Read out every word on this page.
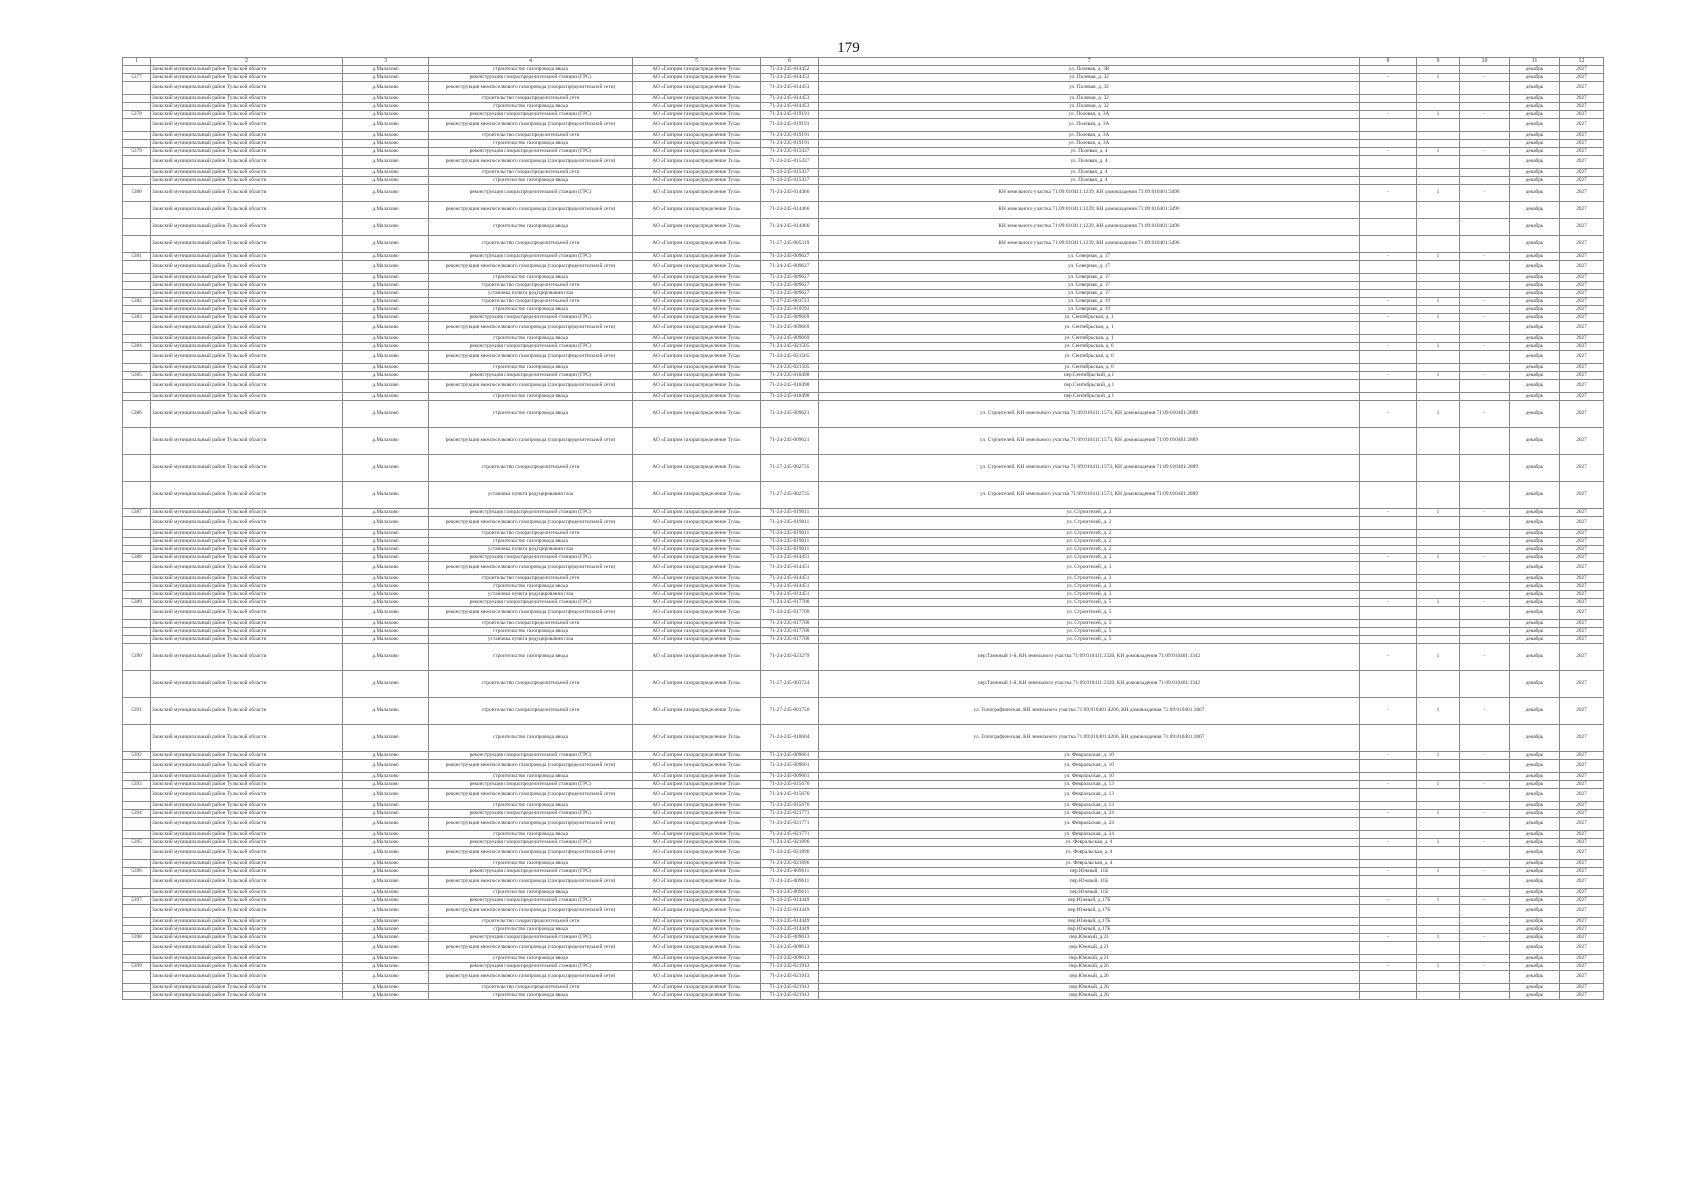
179
1	2	3	4	5	6	7	8	9	10	11	12
	Заокский муниципальный район Тульской области	д.Малахово	строительство газопровода ввода	АО «Газпром газораспределение Тула»	71-24-245-014452	ул. Полевая, д. 3В				декабрь	2027
5377	Заокский муниципальный район Тульской области	д.Малахово	реконструкция газораспределительной станции (ГРС)	АО «Газпром газораспределение Тула»	71-24-245-014453	ул. Полевая, д. 32	-	1	-	декабрь	2027
	Заокский муниципальный район Тульской области	д.Малахово	реконструкция межпоселкового газопровода (газораспределительной сети)	АО «Газпром газораспределение Тула»	71-24-245-014453	ул. Полевая, д. 32				декабрь	2027
	Заокский муниципальный район Тульской области	д.Малахово	строительство газораспределительной сети	АО «Газпром газораспределение Тула»	71-24-245-014453	ул. Полевая, д. 32				декабрь	2027
	Заокский муниципальный район Тульской области	д.Малахово	строительство газопровода ввода	АО «Газпром газораспределение Тула»	71-24-245-014453	ул. Полевая, д. 32				декабрь	2027
5378	Заокский муниципальный район Тульской области	д.Малахово	реконструкция газораспределительной станции (ГРС)	АО «Газпром газораспределение Тула»	71-24-245-019191	ул. Полевая, д. 3А	-	1	-	декабрь	2027
	Заокский муниципальный район Тульской области	д.Малахово	реконструкция межпоселкового газопровода (газораспределительной сети)	АО «Газпром газораспределение Тула»	71-24-245-019191	ул. Полевая, д. 3А				декабрь	2027
	Заокский муниципальный район Тульской области	д.Малахово	строительство газораспределительной сети	АО «Газпром газораспределение Тула»	71-24-245-019191	ул. Полевая, д. 3А				декабрь	2027
	Заокский муниципальный район Тульской области	д.Малахово	строительство газопровода ввода	АО «Газпром газораспределение Тула»	71-24-245-019191	ул. Полевая, д. 3А				декабрь	2027
5379	Заокский муниципальный район Тульской области	д.Малахово	реконструкция газораспределительной станции (ГРС)	АО «Газпром газораспределение Тула»	71-24-245-015437	ул. Полевая, д. 4	-	1	-	декабрь	2027
	Заокский муниципальный район Тульской области	д.Малахово	реконструкция межпоселкового газопровода (газораспределительной сети)	АО «Газпром газораспределение Тула»	71-24-245-015437	ул. Полевая, д. 4				декабрь	2027
	Заокский муниципальный район Тульской области	д.Малахово	строительство газораспределительной сети	АО «Газпром газораспределение Тула»	71-24-245-015437	ул. Полевая, д. 4				декабрь	2027
	Заокский муниципальный район Тульской области	д.Малахово	строительство газопровода ввода	АО «Газпром газораспределение Тула»	71-24-245-015437	ул. Полевая, д. 4				декабрь	2027
5380	Заокский муниципальный район Тульской области	д.Малахово	реконструкция газораспределительной станции (ГРС)	АО «Газпром газораспределение Тула»	71-24-245-014466	КН земельного участка 71:09:010411:1239, КН домовладения 71:09:010401:3496	-	1	-	декабрь	2027
	Заокский муниципальный район Тульской области	д.Малахово	реконструкция межпоселкового газопровода (газораспределительной сети)	АО «Газпром газораспределение Тула»	71-24-245-014466	КН земельного участка 71:09:010411:1239, КН домовладения 71:09:010401:3496				декабрь	2027
	Заокский муниципальный район Тульской области	д.Малахово	строительство газопровода ввода	АО «Газпром газораспределение Тула»	71-24-245-014466	КН земельного участка 71:09:010411:1239, КН домовладения 71:09:010401:3496				декабрь	2027
	Заокский муниципальный район Тульской области	д.Малахово	строительство газораспределительной сети	АО «Газпром газораспределение Тула»	71-27-245-005319	КН земельного участка 71:09:010411:1239, КН домовладения 71:09:010401:3496				декабрь	2027
5381	Заокский муниципальный район Тульской области	д.Малахово	реконструкция газораспределительной станции (ГРС)	АО «Газпром газораспределение Тула»	71-24-245-009627	ул. Северная, д. 17	-	1	-	декабрь	2027
	Заокский муниципальный район Тульской области	д.Малахово	реконструкция межпоселкового газопровода (газораспределительной сети)	АО «Газпром газораспределение Тула»	71-24-245-009627	ул. Северная, д. 17				декабрь	2027
	Заокский муниципальный район Тульской области	д.Малахово	строительство газопровода ввода	АО «Газпром газораспределение Тула»	71-24-245-009627	ул. Северная, д. 17				декабрь	2027
	Заокский муниципальный район Тульской области	д.Малахово	строительство газораспределительной сети	АО «Газпром газораспределение Тула»	71-24-245-009627	ул. Северная, д. 17				декабрь	2027
	Заокский муниципальный район Тульской области	д.Малахово	установка пункта редуцирования газа	АО «Газпром газораспределение Тула»	71-24-245-009627	ул. Северная, д. 17				декабрь	2027
5382	Заокский муниципальный район Тульской области	д.Малахово	строительство газораспределительной сети	АО «Газпром газораспределение Тула»	71-27-245-001723	ул. Северная, д. 19	-	1	-	декабрь	2027
	Заокский муниципальный район Тульской области	д.Малахово	строительство газопровода ввода	АО «Газпром газораспределение Тула»	71-24-245-010593	ул. Северная, д. 19				декабрь	2027
5383	Заокский муниципальный район Тульской области	д.Малахово	реконструкция газораспределительной станции (ГРС)	АО «Газпром газораспределение Тула»	71-24-245-009669	ул. Сентябрьская, д. 1	-	1	-	декабрь	2027
	Заокский муниципальный район Тульской области	д.Малахово	реконструкция межпоселкового газопровода (газораспределительной сети)	АО «Газпром газораспределение Тула»	71-24-245-009669	ул. Сентябрьская, д. 1				декабрь	2027
	Заокский муниципальный район Тульской области	д.Малахово	строительство газопровода ввода	АО «Газпром газораспределение Тула»	71-24-245-009669	ул. Сентябрьская, д. 1				декабрь	2027
5384	Заокский муниципальный район Тульской области	д.Малахово	реконструкция газораспределительной станции (ГРС)	АО «Газпром газораспределение Тула»	71-24-245-021505	ул. Сентябрьская, д. 6	-	1	-	декабрь	2027
	Заокский муниципальный район Тульской области	д.Малахово	реконструкция межпоселкового газопровода (газораспределительной сети)	АО «Газпром газораспределение Тула»	71-24-245-021505	ул. Сентябрьская, д. 6				декабрь	2027
	Заокский муниципальный район Тульской области	д.Малахово	строительство газопровода ввода	АО «Газпром газораспределение Тула»	71-24-245-021505	ул. Сентябрьская, д. 6				декабрь	2027
5385	Заокский муниципальный район Тульской области	д.Малахово	реконструкция газораспределительной станции (ГРС)	АО «Газпром газораспределение Тула»	71-24-245-018498	пер.Сентябрьский, д.1	-	1	-	декабрь	2027
	Заокский муниципальный район Тульской области	д.Малахово	реконструкция межпоселкового газопровода (газораспределительной сети)	АО «Газпром газораспределение Тула»	71-24-245-018498	пер.Сентябрьский, д.1				декабрь	2027
	Заокский муниципальный район Тульской области	д.Малахово	строительство газопровода ввода	АО «Газпром газораспределение Тула»	71-24-245-018498	пер.Сентябрьский, д.1				декабрь	2027
5386	Заокский муниципальный район Тульской области	д.Малахово	строительство газопровода ввода	АО «Газпром газораспределение Тула»	71-24-245-009621	ул. Строителей, КН земельного участка 71:09:010411:1573, КН домовладения 71:09:010401:2889	-	1	-	декабрь	2027
	Заокский муниципальный район Тульской области	д.Малахово	реконструкция межпоселкового газопровода (газораспределительной сети)	АО «Газпром газораспределение Тула»	71-24-245-009621	ул. Строителей, КН земельного участка 71:09:010411:1573, КН домовладения 71:09:010401:2889				декабрь	2027
	Заокский муниципальный район Тульской области	д.Малахово	строительство газораспределительной сети	АО «Газпром газораспределение Тула»	71-27-245-002735	ул. Строителей, КН земельного участка 71:09:010411:1573, КН домовладения 71:09:010401:2889				декабрь	2027
	Заокский муниципальный район Тульской области	д.Малахово	установка пункта редуцирования газа	АО «Газпром газораспределение Тула»	71-27-245-002735	ул. Строителей, КН земельного участка 71:09:010411:1573, КН домовладения 71:09:010401:2889				декабрь	2027
5387	Заокский муниципальный район Тульской области	д.Малахово	реконструкция газораспределительной станции (ГРС)	АО «Газпром газораспределение Тула»	71-24-245-019011	ул. Строителей, д. 2	-	1	-	декабрь	2027
	Заокский муниципальный район Тульской области	д.Малахово	реконструкция межпоселкового газопровода (газораспределительной сети)	АО «Газпром газораспределение Тула»	71-24-245-019011	ул. Строителей, д. 2				декабрь	2027
	Заокский муниципальный район Тульской области	д.Малахово	строительство газораспределительной сети	АО «Газпром газораспределение Тула»	71-24-245-019011	ул. Строителей, д. 2				декабрь	2027
	Заокский муниципальный район Тульской области	д.Малахово	строительство газопровода ввода	АО «Газпром газораспределение Тула»	71-24-245-019011	ул. Строителей, д. 2				декабрь	2027
	Заокский муниципальный район Тульской области	д.Малахово	установка пункта редуцирования газа	АО «Газпром газораспределение Тула»	71-24-245-019011	ул. Строителей, д. 2				декабрь	2027
5388	Заокский муниципальный район Тульской области	д.Малахово	реконструкция газораспределительной станции (ГРС)	АО «Газпром газораспределение Тула»	71-24-245-014451	ул. Строителей, д. 3	-	1	-	декабрь	2027
	Заокский муниципальный район Тульской области	д.Малахово	реконструкция межпоселкового газопровода (газораспределительной сети)	АО «Газпром газораспределение Тула»	71-24-245-014451	ул. Строителей, д. 3				декабрь	2027
	Заокский муниципальный район Тульской области	д.Малахово	строительство газораспределительной сети	АО «Газпром газораспределение Тула»	71-24-245-014451	ул. Строителей, д. 3				декабрь	2027
	Заокский муниципальный район Тульской области	д.Малахово	строительство газопровода ввода	АО «Газпром газораспределение Тула»	71-24-245-014451	ул. Строителей, д. 3				декабрь	2027
	Заокский муниципальный район Тульской области	д.Малахово	установка пункта редуцирования газа	АО «Газпром газораспределение Тула»	71-24-245-014451	ул. Строителей, д. 3				декабрь	2027
5389	Заокский муниципальный район Тульской области	д.Малахово	реконструкция газораспределительной станции (ГРС)	АО «Газпром газораспределение Тула»	71-24-245-017700	ул. Строителей, д. 5	-	1	-	декабрь	2027
	Заокский муниципальный район Тульской области	д.Малахово	реконструкция межпоселкового газопровода (газораспределительной сети)	АО «Газпром газораспределение Тула»	71-24-245-017700	ул. Строителей, д. 5				декабрь	2027
	Заокский муниципальный район Тульской области	д.Малахово	строительство газораспределительной сети	АО «Газпром газораспределение Тула»	71-24-245-017700	ул. Строителей, д. 5				декабрь	2027
	Заокский муниципальный район Тульской области	д.Малахово	строительство газопровода ввода	АО «Газпром газораспределение Тула»	71-24-245-017700	ул. Строителей, д. 5				декабрь	2027
	Заокский муниципальный район Тульской области	д.Малахово	установка пункта редуцирования газа	АО «Газпром газораспределение Тула»	71-24-245-017700	ул. Строителей, д. 5				декабрь	2027
5390	Заокский муниципальный район Тульской области	д.Малахово	строительство газопровода ввода	АО «Газпром газораспределение Тула»	71-24-245-023279	пер.Таежный 1-й, КН земельного участка 71:09:010411:3320, КН домовладения 71:09:010401:3342	-	1	-	декабрь	2027
	Заокский муниципальный район Тульской области	д.Малахово	строительство газораспределительной сети	АО «Газпром газораспределение Тула»	71-27-245-003724	пер.Таежный 1-й, КН земельного участка 71:09:010411:3320, КН домовладения 71:09:010401:3342				декабрь	2027
5391	Заокский муниципальный район Тульской области	д.Малахово	строительство газораспределительной сети	АО «Газпром газораспределение Тула»	71-27-245-001750	ул. Топографическая, КН земельного участка 71:09:010401:4206, КН домовладения 71:09:010401:3067	-	1	-	декабрь	2027
	Заокский муниципальный район Тульской области	д.Малахово	строительство газопровода ввода	АО «Газпром газораспределение Тула»	71-24-245-018604	ул. Топографическая, КН земельного участка 71:09:010401:4206, КН домовладения 71:09:010401:3067				декабрь	2027
5392	Заокский муниципальный район Тульской области	д.Малахово	реконструкция газораспределительной станции (ГРС)	АО «Газпром газораспределение Тула»	71-24-245-009661	ул. Февральская, д. 10	-	1	-	декабрь	2027
	Заокский муниципальный район Тульской области	д.Малахово	реконструкция межпоселкового газопровода (газораспределительной сети)	АО «Газпром газораспределение Тула»	71-24-245-009661	ул. Февральская, д. 10				декабрь	2027
	Заокский муниципальный район Тульской области	д.Малахово	строительство газопровода ввода	АО «Газпром газораспределение Тула»	71-24-245-009661	ул. Февральская, д. 10				декабрь	2027
5393	Заокский муниципальный район Тульской области	д.Малахово	реконструкция газораспределительной станции (ГРС)	АО «Газпром газораспределение Тула»	71-24-245-015676	ул. Февральская, д. 13	-	1	-	декабрь	2027
	Заокский муниципальный район Тульской области	д.Малахово	реконструкция межпоселкового газопровода (газораспределительной сети)	АО «Газпром газораспределение Тула»	71-24-245-015676	ул. Февральская, д. 13				декабрь	2027
	Заокский муниципальный район Тульской области	д.Малахово	строительство газопровода ввода	АО «Газпром газораспределение Тула»	71-24-245-015676	ул. Февральская, д. 13				декабрь	2027
5394	Заокский муниципальный район Тульской области	д.Малахово	реконструкция газораспределительной станции (ГРС)	АО «Газпром газораспределение Тула»	71-24-245-021771	ул. Февральская, д. 24	-	1	-	декабрь	2027
	Заокский муниципальный район Тульской области	д.Малахово	реконструкция межпоселкового газопровода (газораспределительной сети)	АО «Газпром газораспределение Тула»	71-24-245-021771	ул. Февральская, д. 24				декабрь	2027
	Заокский муниципальный район Тульской области	д.Малахово	строительство газопровода ввода	АО «Газпром газораспределение Тула»	71-24-245-021771	ул. Февральская, д. 24				декабрь	2027
5395	Заокский муниципальный район Тульской области	д.Малахово	реконструкция газораспределительной станции (ГРС)	АО «Газпром газораспределение Тула»	71-24-245-021896	ул. Февральская, д. 4	-	1	-	декабрь	2027
	Заокский муниципальный район Тульской области	д.Малахово	реконструкция межпоселкового газопровода (газораспределительной сети)	АО «Газпром газораспределение Тула»	71-24-245-021896	ул. Февральская, д. 4				декабрь	2027
	Заокский муниципальный район Тульской области	д.Малахово	строительство газопровода ввода	АО «Газпром газораспределение Тула»	71-24-245-021896	ул. Февральская, д. 4				декабрь	2027
5396	Заокский муниципальный район Тульской области	д.Малахово	реконструкция газораспределительной станции (ГРС)	АО «Газпром газораспределение Тула»	71-24-245-009611	пер.Южный, 11Б	-	1	-	декабрь	2027
	Заокский муниципальный район Тульской области	д.Малахово	реконструкция межпоселкового газопровода (газораспределительной сети)	АО «Газпром газораспределение Тула»	71-24-245-009611	пер.Южный, 11Б				декабрь	2027
	Заокский муниципальный район Тульской области	д.Малахово	строительство газопровода ввода	АО «Газпром газораспределение Тула»	71-24-245-009611	пер.Южный, 11Б				декабрь	2027
5397	Заокский муниципальный район Тульской области	д.Малахово	реконструкция газораспределительной станции (ГРС)	АО «Газпром газораспределение Тула»	71-24-245-014449	пер.Южный, д.17Б	-	1	-	декабрь	2027
	Заокский муниципальный район Тульской области	д.Малахово	реконструкция межпоселкового газопровода (газораспределительной сети)	АО «Газпром газораспределение Тула»	71-24-245-014449	пер.Южный, д.17Б				декабрь	2027
	Заокский муниципальный район Тульской области	д.Малахово	строительство газораспределительной сети	АО «Газпром газораспределение Тула»	71-24-245-014449	пер.Южный, д.17Б				декабрь	2027
	Заокский муниципальный район Тульской области	д.Малахово	строительство газопровода ввода	АО «Газпром газораспределение Тула»	71-24-245-014449	пер.Южный, д.17Б				декабрь	2027
5398	Заокский муниципальный район Тульской области	д.Малахово	реконструкция газораспределительной станции (ГРС)	АО «Газпром газораспределение Тула»	71-24-245-009613	пер.Южный, д.21	-	1	-	декабрь	2027
	Заокский муниципальный район Тульской области	д.Малахово	реконструкция межпоселкового газопровода (газораспределительной сети)	АО «Газпром газораспределение Тула»	71-24-245-009613	пер.Южный, д.21				декабрь	2027
	Заокский муниципальный район Тульской области	д.Малахово	строительство газопровода ввода	АО «Газпром газораспределение Тула»	71-24-245-009613	пер.Южный, д.21				декабрь	2027
5399	Заокский муниципальный район Тульской области	д.Малахово	реконструкция газораспределительной станции (ГРС)	АО «Газпром газораспределение Тула»	71-24-245-021913	пер.Южный, д.26	-	1	-	декабрь	2027
	Заокский муниципальный район Тульской области	д.Малахово	реконструкция межпоселкового газопровода (газораспределительной сети)	АО «Газпром газораспределение Тула»	71-24-245-021913	пер.Южный, д.26				декабрь	2027
	Заокский муниципальный район Тульской области	д.Малахово	строительство газораспределительной сети	АО «Газпром газораспределение Тула»	71-24-245-021913	пер.Южный, д.26				декабрь	2027
	Заокский муниципальный район Тульской области	д.Малахово	строительство газопровода ввода	АО «Газпром газораспределение Тула»	71-24-245-021913	пер.Южный, д.26				декабрь	2027
